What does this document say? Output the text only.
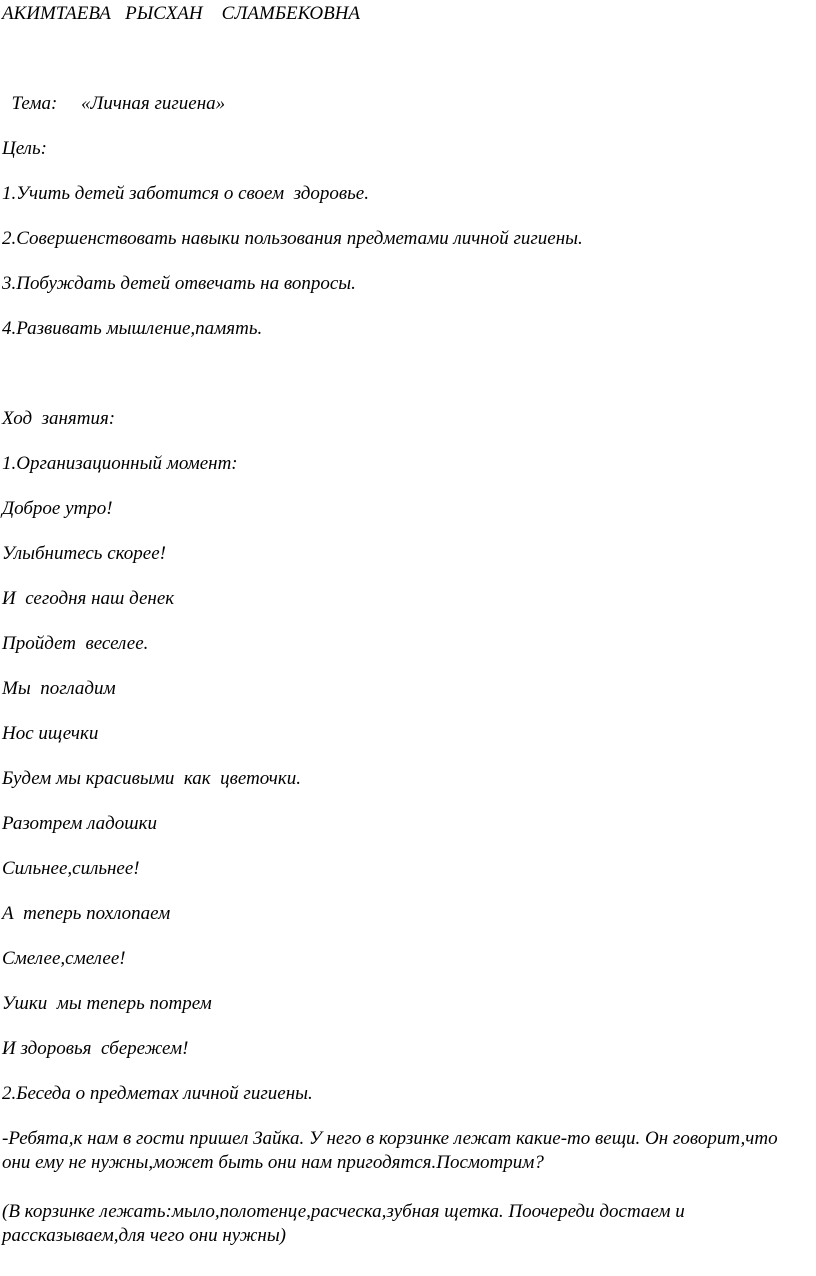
АКИМТАЕВА   РЫСХАН    СЛАМБЕКОВНА
Тема:     «Личная гигиена»
Цель:
1.Учить детей заботится о своем  здоровье.
2.Совершенствовать навыки пользования предметами личной гигиены.
3.Побуждать детей отвечать на вопросы.
4.Развивать мышление,память.
Ход  занятия:
1.Организационный момент:
Доброе утро!
Улыбнитесь скорее!
И  сегодня наш денек
Пройдет  веселее.
Мы  погладим
Нос ищечки
Будем мы красивыми  как  цветочки.
Разотрем ладошки
Сильнее,сильнее!
А  теперь похлопаем
Смелее,смелее!
Ушки  мы теперь потрем
И здоровья  сбережем!
2.Беседа о предметах личной гигиены.
-Ребята,к нам в гости пришел Зайка. У него в корзинке лежат какие-то вещи. Он говорит,что они ему не нужны,может быть они нам пригодятся.Посмотрим?
(В корзинке лежать:мыло,полотенце,расческа,зубная щетка. Поочереди достаем и рассказываем,для чего они нужны)
